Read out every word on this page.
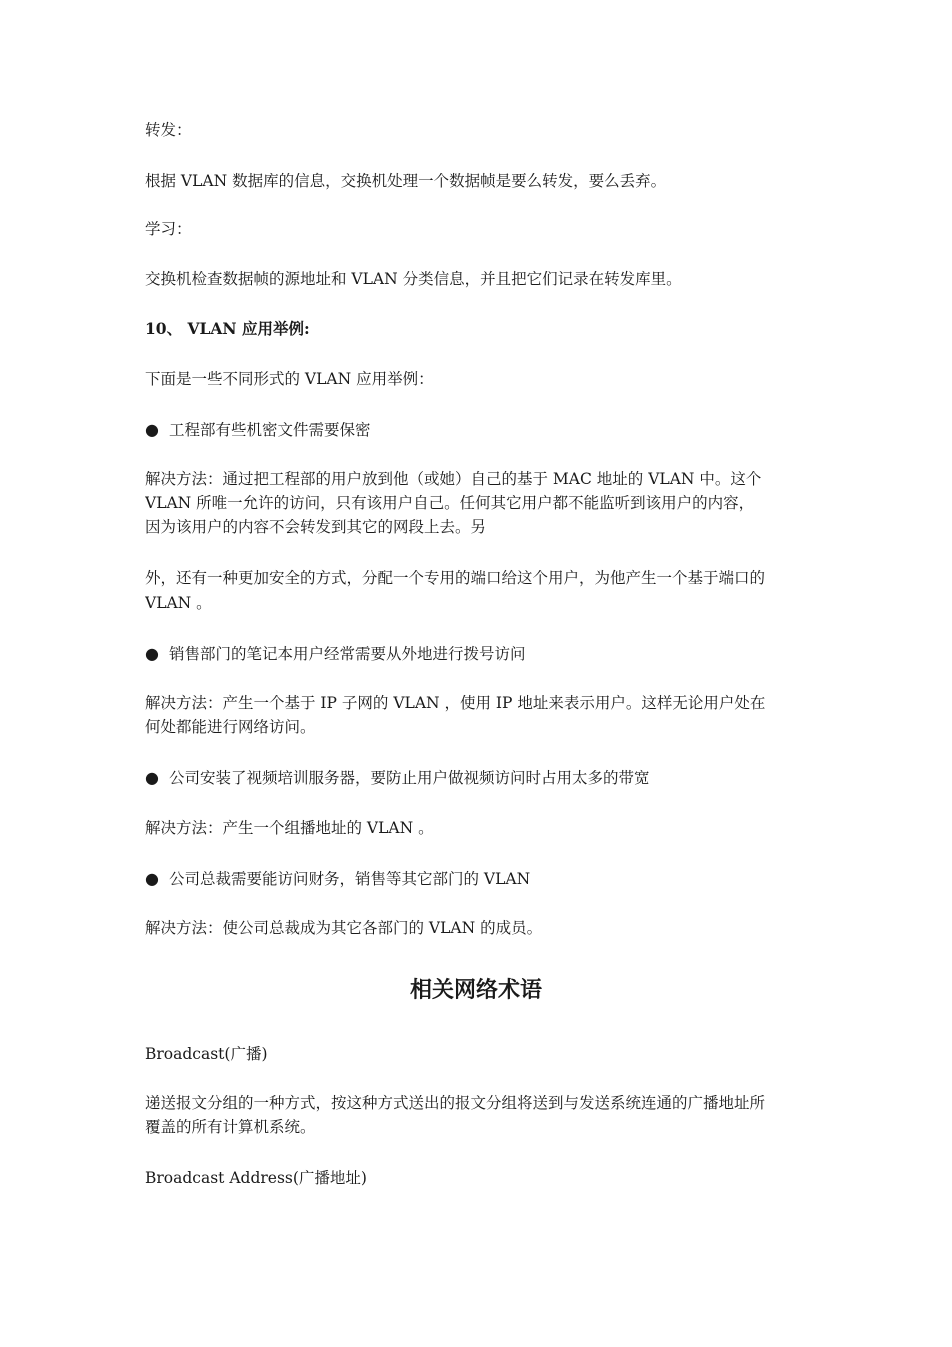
转发：
根据 VLAN 数据库的信息，交换机处理一个数据帧是要么转发，要么丢弃。
学习：
交换机检查数据帧的源地址和 VLAN 分类信息，并且把它们记录在转发库里。
10、 VLAN 应用举例:
下面是一些不同形式的 VLAN 应用举例：
● 工程部有些机密文件需要保密
解决方法：通过把工程部的用户放到他（或她）自己的基于 MAC 地址的 VLAN 中。这个
VLAN 所唯一允许的访问，只有该用户自己。任何其它用户都不能监听到该用户的内容，
因为该用户的内容不会转发到其它的网段上去。另
外，还有一种更加安全的方式，分配一个专用的端口给这个用户，为他产生一个基于端口的
VLAN 。
● 销售部门的笔记本用户经常需要从外地进行拨号访问
解决方法：产生一个基于 IP 子网的 VLAN ，使用 IP 地址来表示用户。这样无论用户处在
何处都能进行网络访问。
● 公司安装了视频培训服务器，要防止用户做视频访问时占用太多的带宽
解决方法：产生一个组播地址的 VLAN 。
● 公司总裁需要能访问财务，销售等其它部门的 VLAN
解决方法：使公司总裁成为其它各部门的 VLAN 的成员。
相关网络术语
Broadcast(广播)
递送报文分组的一种方式，按这种方式送出的报文分组将送到与发送系统连通的广播地址所
覆盖的所有计算机系统。
Broadcast Address(广播地址)
